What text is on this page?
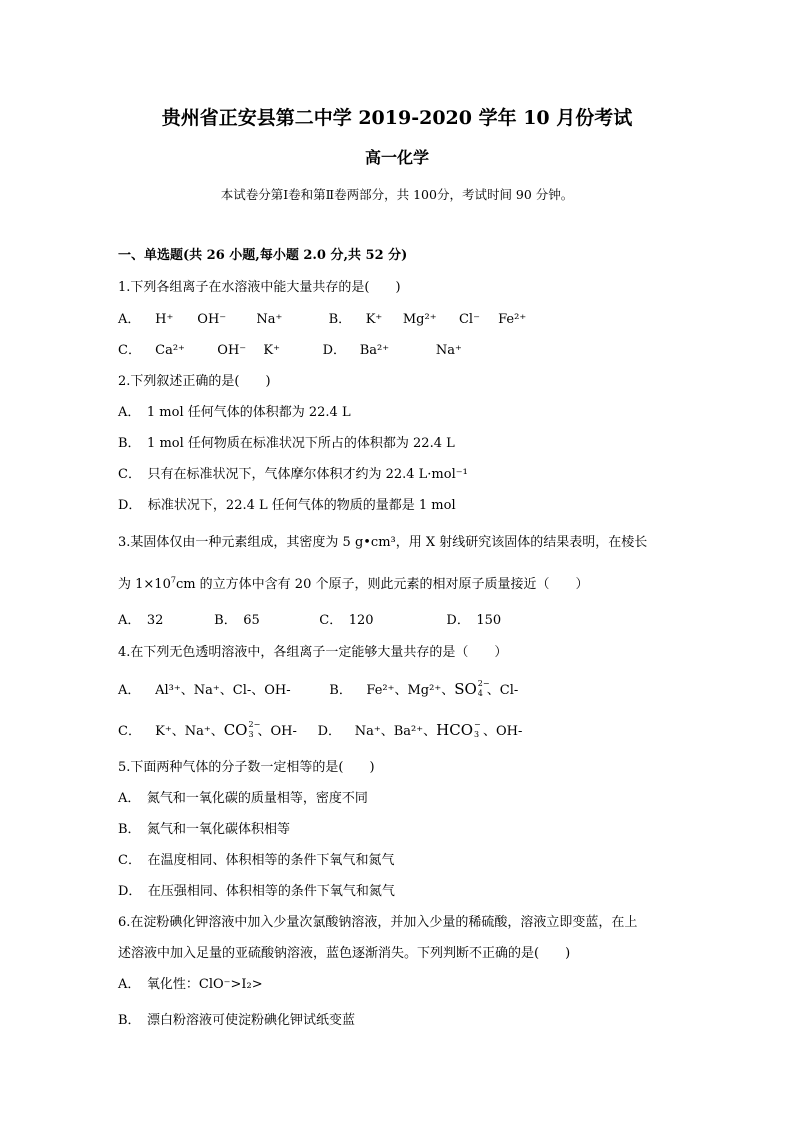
贵州省正安县第二中学 2019-2020 学年 10 月份考试
高一化学
本试卷分第Ⅰ卷和第Ⅱ卷两部分，共 100分，考试时间 90 分钟。
一、单选题(共 26 小题,每小题 2.0 分,共 52 分)
1.下列各组离子在水溶液中能大量共存的是(　　)
A． H⁺ OH⁻ Na⁺	B． K⁺ Mg²⁺ Cl⁻ Fe²⁺
C． Ca²⁺ OH⁻ K⁺	D． Ba²⁺	Na⁺
2.下列叙述正确的是(　　)
A．　1 mol 任何气体的体积都为 22.4 L
B．　1 mol 任何物质在标准状况下所占的体积都为 22.4 L
C．　只有在标准状况下，气体摩尔体积才约为 22.4 L·mol⁻¹
D．　标准状况下，22.4 L 任何气体的物质的量都是 1 mol
3.某固体仅由一种元素组成，其密度为 5 g•cm³，用 X 射线研究该固体的结果表明，在棱长
为 $1\times 10^7cm$ 的立方体中含有 20 个原子，则此元素的相对原子质量接近（　　）
A．　32	B．　65	C．　120	D．　150
4.在下列无色透明溶液中，各组离子一定能够大量共存的是（　　）
A． Al³⁺、Na⁺、Cl-、OH-	B． Fe²⁺、Mg²⁺、SO 2−
4 、Cl-
C． K⁺、Na⁺、CO 2−
3 、OH- D． Na⁺、Ba²⁺、HCO −
3 、OH-
5.下面两种气体的分子数一定相等的是(　　)
A．　氮气和一氧化碳的质量相等，密度不同
B．　氮气和一氧化碳体积相等
C．　在温度相同、体积相等的条件下氧气和氮气
D．　在压强相同、体积相等的条件下氧气和氮气
6.在淀粉碘化钾溶液中加入少量次氯酸钠溶液，并加入少量的稀硫酸，溶液立即变蓝，在上
述溶液中加入足量的亚硫酸钠溶液，蓝色逐渐消失。下列判断不正确的是(　　)
A．　氧化性：ClO⁻>I₂>
B．　漂白粉溶液可使淀粉碘化钾试纸变蓝
